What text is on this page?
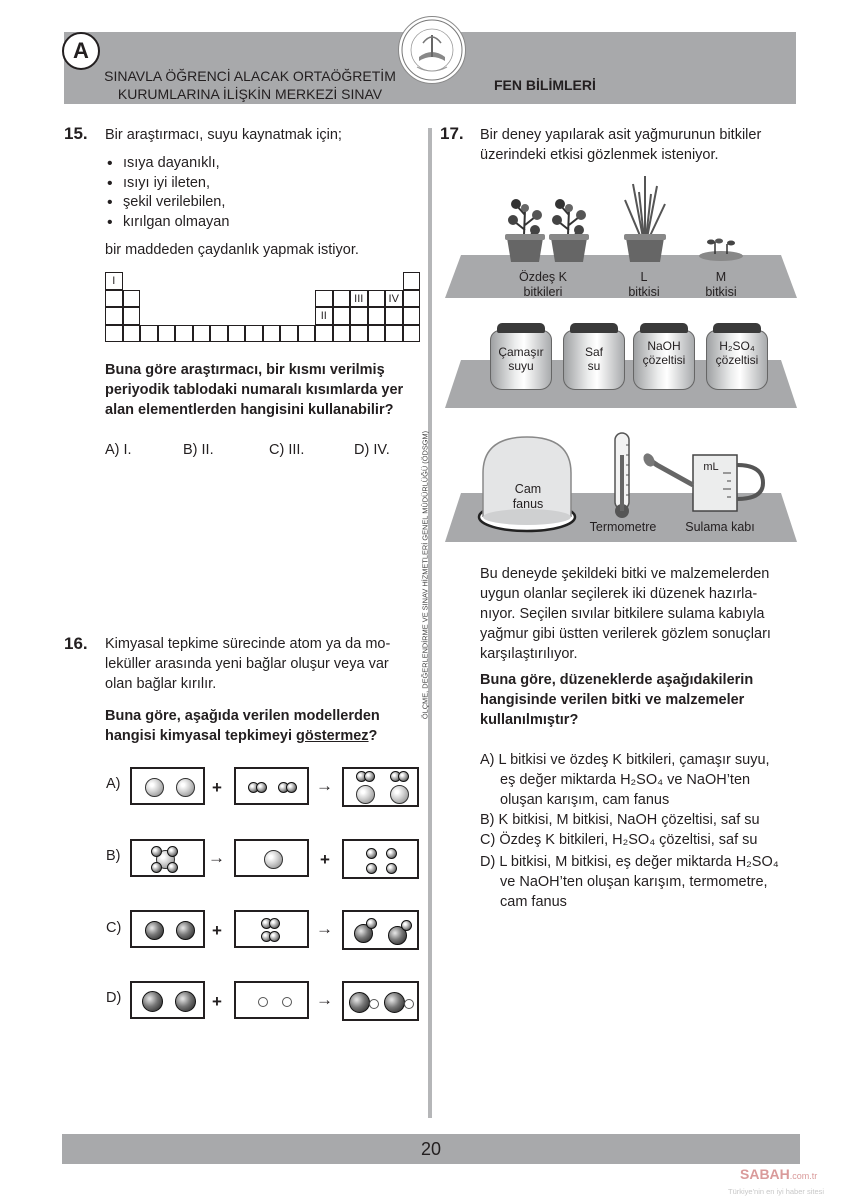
A
SINAVLA ÖĞRENCİ ALACAK ORTAÖĞRETİM
KURUMLARINA İLİŞKİN MERKEZİ SINAV
FEN BİLİMLERİ
ÖLÇME, DEĞERLENDİRME VE SINAV HİZMETLERİ GENEL MÜDÜRLÜĞÜ (ÖDSGM)
15. Bir araştırmacı, suyu kaynatmak için;
• ısıya dayanıklı,
• ısıyı iyi ileten,
• şekil verilebilen,
• kırılgan olmayan
bir maddeden çaydanlık yapmak istiyor.
I
II
III	IV
Buna göre araştırmacı, bir kısmı verilmiş
periyodik tablodaki numaralı kısımlarda yer
alan elementlerden hangisini kullanabilir?
A) I.	B) II.	C) III.	D) IV.
16. Kimyasal tepkime sürecinde atom ya da mo-
leküller arasında yeni bağlar oluşur veya var
olan bağlar kırılır.
Buna göre, aşağıda verilen modellerden
hangisi kimyasal tepkimeyi göstermez?
A)	+	→
B)	→	+
C)	+	→
D)	+	→
17. Bir deney yapılarak asit yağmurunun bitkiler
üzerindeki etkisi gözlenmek isteniyor.
Özdeş K
bitkileri
L
bitkisi
M
bitkisi
Çamaşır
suyu
Saf
su
NaOH
çözeltisi
H₂SO₄
çözeltisi
Cam
fanus
Termometre	Sulama kabı
mL
Bu deneyde şekildeki bitki ve malzemelerden
uygun olanlar seçilerek iki düzenek hazırla-
nıyor. Seçilen sıvılar bitkilere sulama kabıyla
yağmur gibi üstten verilerek gözlem sonuçları
karşılaştırılıyor.
Buna göre, düzeneklerde aşağıdakilerin
hangisinde verilen bitki ve malzemeler
kullanılmıştır?
A) L bitkisi ve özdeş K bitkileri, çamaşır suyu,
eş değer miktarda H₂SO₄ ve NaOH’ten
oluşan karışım, cam fanus
B) K bitkisi, M bitkisi, NaOH çözeltisi, saf su
C) Özdeş K bitkileri, H₂SO₄ çözeltisi, saf su
D) L bitkisi, M bitkisi, eş değer miktarda H₂SO₄
ve NaOH’ten oluşan karışım, termometre,
cam fanus
20
SABAH.com.tr
Türkiye'nin en iyi haber sitesi
